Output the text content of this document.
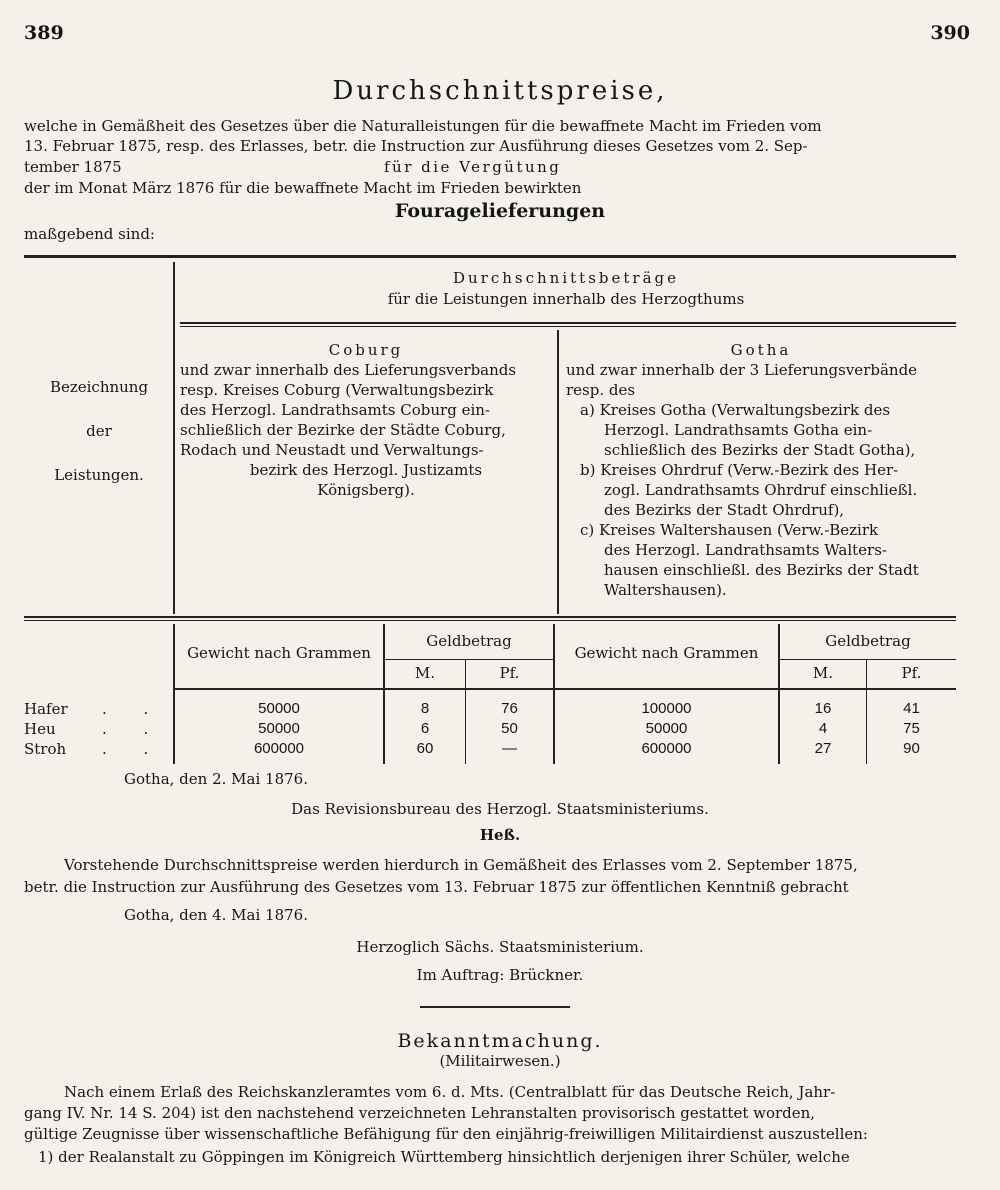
389	390
Durchschnittspreise,
welche in Gemäßheit des Gesetzes über die Naturalleistungen für die bewaffnete Macht im Frieden vom
13. Februar 1875, resp. des Erlasses, betr. die Instruction zur Ausführung dieses Gesetzes vom 2. Sep-
tember 1875	für die Vergütung
der im Monat März 1876 für die bewaffnete Macht im Frieden bewirkten
Fouragelieferungen
maßgebend sind:
Durchschnittsbeträge
für die Leistungen innerhalb des Herzogthums
Bezeichnung
der
Leistungen.
Coburg
und zwar innerhalb des Lieferungsverbands
resp. Kreises Coburg (Verwaltungsbezirk
des Herzogl. Landrathsamts Coburg ein-
schließlich der Bezirke der Städte Coburg,
Rodach und Neustadt und Verwaltungs-
bezirk des Herzogl. Justizamts
Königsberg).
Gotha
und zwar innerhalb der 3 Lieferungsverbände
resp. des
a) Kreises Gotha (Verwaltungsbezirk des
Herzogl. Landrathsamts Gotha ein-
schließlich des Bezirks der Stadt Gotha),
b) Kreises Ohrdruf (Verw.-Bezirk des Her-
zogl. Landrathsamts Ohrdruf einschließl.
des Bezirks der Stadt Ohrdruf),
c) Kreises Waltershausen (Verw.-Bezirk
des Herzogl. Landrathsamts Walters-
hausen einschließl. des Bezirks der Stadt
Waltershausen).
Gewicht nach Grammen
Geldbetrag
M.	Pf.
Gewicht nach Grammen
Geldbetrag
M.	Pf.
Hafer . .	50000	8	76	100000	16	41
Heu	. .	50000	6	50	50000	4	75
Stroh . .	600000	60	—	600000	27	90
Gotha, den 2. Mai 1876.
Das Revisionsbureau des Herzogl. Staatsministeriums.
Heß.
Vorstehende Durchschnittspreise werden hierdurch in Gemäßheit des Erlasses vom 2. September 1875,
betr. die Instruction zur Ausführung des Gesetzes vom 13. Februar 1875 zur öffentlichen Kenntniß gebracht
Gotha, den 4. Mai 1876.
Herzoglich Sächs. Staatsministerium.
Im Auftrag: Brückner.
Bekanntmachung.
(Militairwesen.)
Nach einem Erlaß des Reichskanzleramtes vom 6. d. Mts. (Centralblatt für das Deutsche Reich, Jahr-
gang IV. Nr. 14 S. 204) ist den nachstehend verzeichneten Lehranstalten provisorisch gestattet worden,
gültige Zeugnisse über wissenschaftliche Befähigung für den einjährig-freiwilligen Militairdienst auszustellen:
1) der Realanstalt zu Göppingen im Königreich Württemberg hinsichtlich derjenigen ihrer Schüler, welche
